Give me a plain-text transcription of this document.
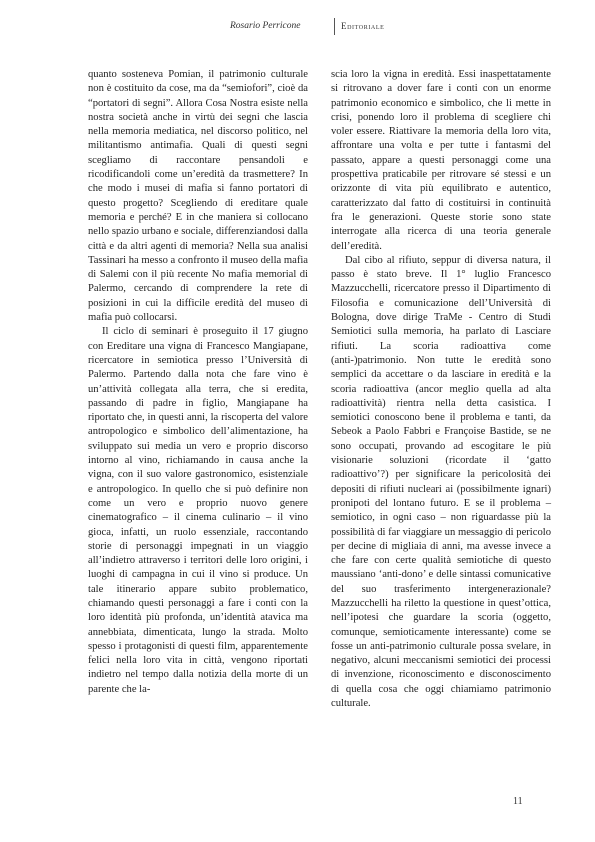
Rosario Perricone	Editoriale

quanto sosteneva Pomian, il patrimonio culturale non è costituito da cose, ma da “semiofori”, cioè da “portatori di segni”. Allora Cosa Nostra esiste nella nostra società anche in virtù dei segni che lascia nella memoria mediatica, nel discorso politico, nel militantismo antimafia. Quali di questi segni scegliamo di raccontare pensandoli e ricodificandoli come un’eredità da trasmettere? In che modo i musei di mafia si fanno portatori di questo progetto? Scegliendo di ereditare quale memoria e perché? E in che maniera si collocano nello spazio urbano e sociale, differenziandosi dalla città e da altri agenti di memoria? Nella sua analisi Tassinari ha messo a confronto il museo della mafia di Salemi con il più recente No mafia memorial di Palermo, cercando di comprendere la rete di posizioni in cui la difficile eredità del museo di mafia può collocarsi.

Il ciclo di seminari è proseguito il 17 giugno con Ereditare una vigna di Francesco Mangiapane, ricercatore in semiotica presso l’Università di Palermo. Partendo dalla nota che fare vino è un’attività collegata alla terra, che si eredita, passando di padre in figlio, Mangiapane ha riportato che, in questi anni, la riscoperta del valore antropologico e simbolico dell’alimentazione, ha sviluppato sui media un vero e proprio discorso intorno al vino, richiamando in causa anche la vigna, con il suo valore gastronomico, esistenziale e antropologico. In quello che si può definire non come un vero e proprio nuovo genere cinematografico – il cinema culinario – il vino gioca, infatti, un ruolo essenziale, raccontando storie di personaggi impegnati in un viaggio all’indietro attraverso i territori delle loro origini, i luoghi di campagna in cui il vino si produce. Un tale itinerario appare subito problematico, chiamando questi personaggi a fare i conti con la loro identità più profonda, un’identità atavica ma annebbiata, dimenticata, lungo la strada. Molto spesso i protagonisti di questi film, apparentemente felici nella loro vita in città, vengono riportati indietro nel tempo dalla notizia della morte di un parente che la-

scia loro la vigna in eredità. Essi inaspettatamente si ritrovano a dover fare i conti con un enorme patrimonio economico e simbolico, che li mette in crisi, ponendo loro il problema di scegliere chi voler essere. Riattivare la memoria della loro vita, affrontare una volta e per tutte i fantasmi del passato, appare a questi personaggi come una prospettiva praticabile per ritrovare sé stessi e un orizzonte di vita più equilibrato e autentico, caratterizzato dal fatto di costituirsi in continuità fra le generazioni. Queste storie sono state interrogate alla ricerca di una teoria generale dell’eredità.

Dal cibo al rifiuto, seppur di diversa natura, il passo è stato breve. Il 1° luglio Francesco Mazzucchelli, ricercatore presso il Dipartimento di Filosofia e comunicazione dell’Università di Bologna, dove dirige TraMe - Centro di Studi Semiotici sulla memoria, ha parlato di Lasciare rifiuti. La scoria radioattiva come (anti-)patrimonio. Non tutte le eredità sono semplici da accettare o da lasciare in eredità e la scoria radioattiva (ancor meglio quella ad alta radioattività) rientra nella detta casistica. I semiotici conoscono bene il problema e tanti, da Sebeok a Paolo Fabbri e Françoise Bastide, se ne sono occupati, provando ad escogitare le più visionarie soluzioni (ricordate il ‘gatto radioattivo’?) per significare la pericolosità dei depositi di rifiuti nucleari ai (possibilmente ignari) pronipoti del lontano futuro. E se il problema – semiotico, in ogni caso – non riguardasse più la possibilità di far viaggiare un messaggio di pericolo per decine di migliaia di anni, ma avesse invece a che fare con certe qualità semiotiche di questo maussiano ‘anti-dono’ e delle sintassi comunicative del suo trasferimento intergenerazionale? Mazzucchelli ha riletto la questione in quest’ottica, nell’ipotesi che guardare la scoria (oggetto, comunque, semioticamente interessante) come se fosse un anti-patrimonio culturale possa svelare, in negativo, alcuni meccanismi semiotici dei processi di invenzione, riconoscimento e disconoscimento di quella cosa che oggi chiamiamo patrimonio culturale.

11
